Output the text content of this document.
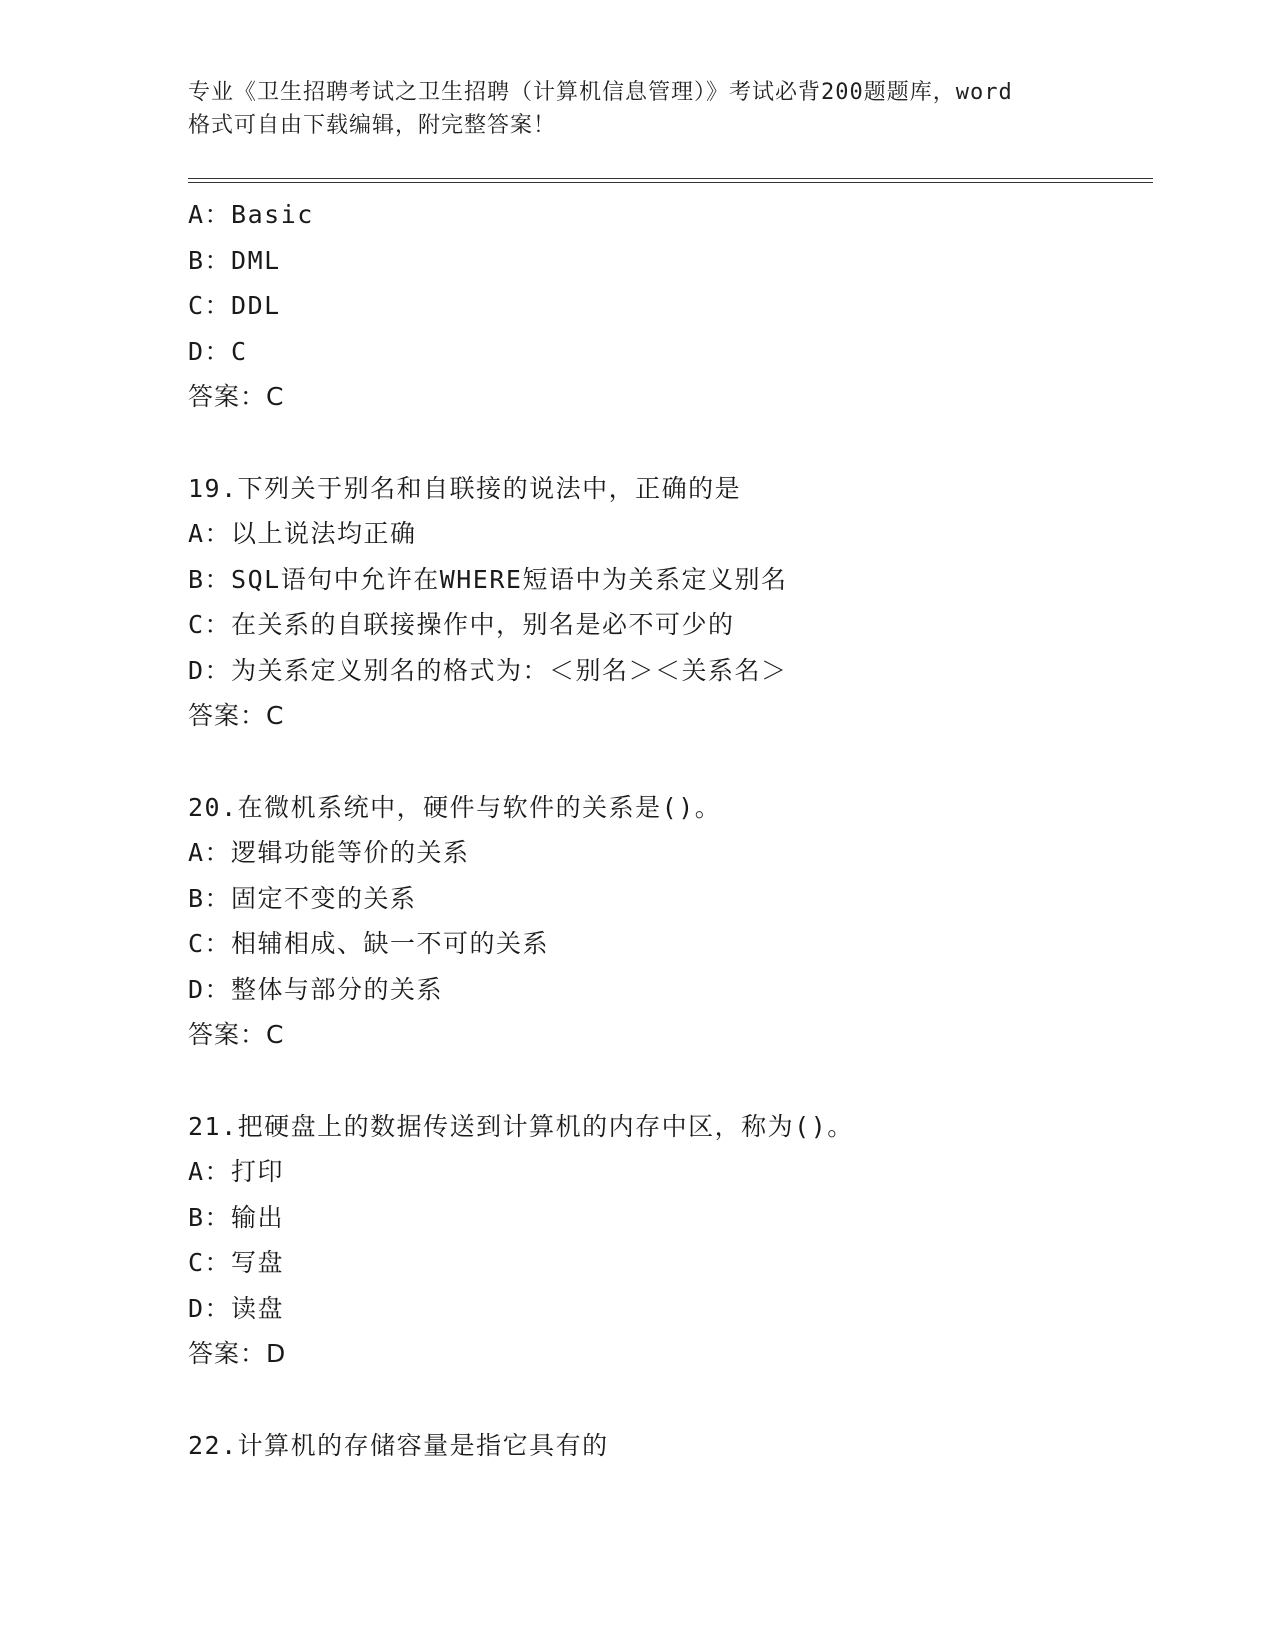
专业《卫生招聘考试之卫生招聘（计算机信息管理）》考试必背200题题库，word
格式可自由下载编辑，附完整答案！
A：Basic
B：DML
C：DDL
D：C
答案：C
19.下列关于别名和自联接的说法中，正确的是
A：以上说法均正确
B：SQL语句中允许在WHERE短语中为关系定义别名
C：在关系的自联接操作中，别名是必不可少的
D：为关系定义别名的格式为：＜别名＞＜关系名＞
答案：C
20.在微机系统中，硬件与软件的关系是()。
A：逻辑功能等价的关系
B：固定不变的关系
C：相辅相成、缺一不可的关系
D：整体与部分的关系
答案：C
21.把硬盘上的数据传送到计算机的内存中区，称为()。
A：打印
B：输出
C：写盘
D：读盘
答案：D
22.计算机的存储容量是指它具有的
